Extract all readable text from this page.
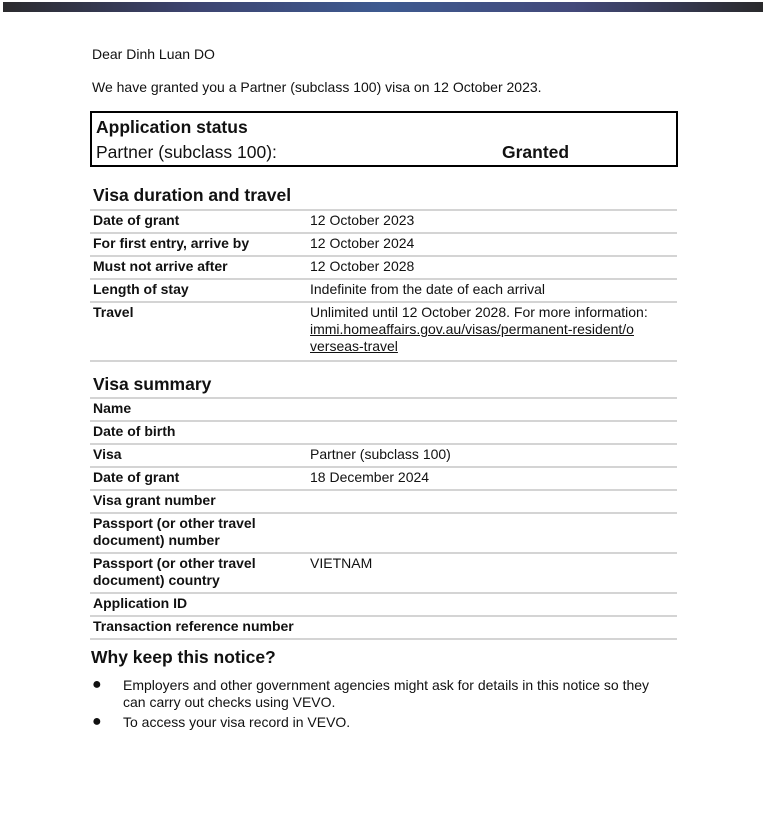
Dear Dinh Luan DO
We have granted you a Partner (subclass 100) visa on 12 October 2023.
Application status
Partner (subclass 100):	Granted
Visa duration and travel
Date of grant	12 October 2023
For first entry, arrive by	12 October 2024
Must not arrive after	12 October 2028
Length of stay	Indefinite from the date of each arrival
Travel	Unlimited until 12 October 2028. For more information:
immi.homeaffairs.gov.au/visas/permanent-resident/overseas-travel
Visa summary
Name	
Date of birth	
Visa	Partner (subclass 100)
Date of grant	18 December 2024
Visa grant number	
Passport (or other travel document) number	
Passport (or other travel document) country	VIETNAM
Application ID	
Transaction reference number	
Why keep this notice?
● Employers and other government agencies might ask for details in this notice so they can carry out checks using VEVO.
● To access your visa record in VEVO.
